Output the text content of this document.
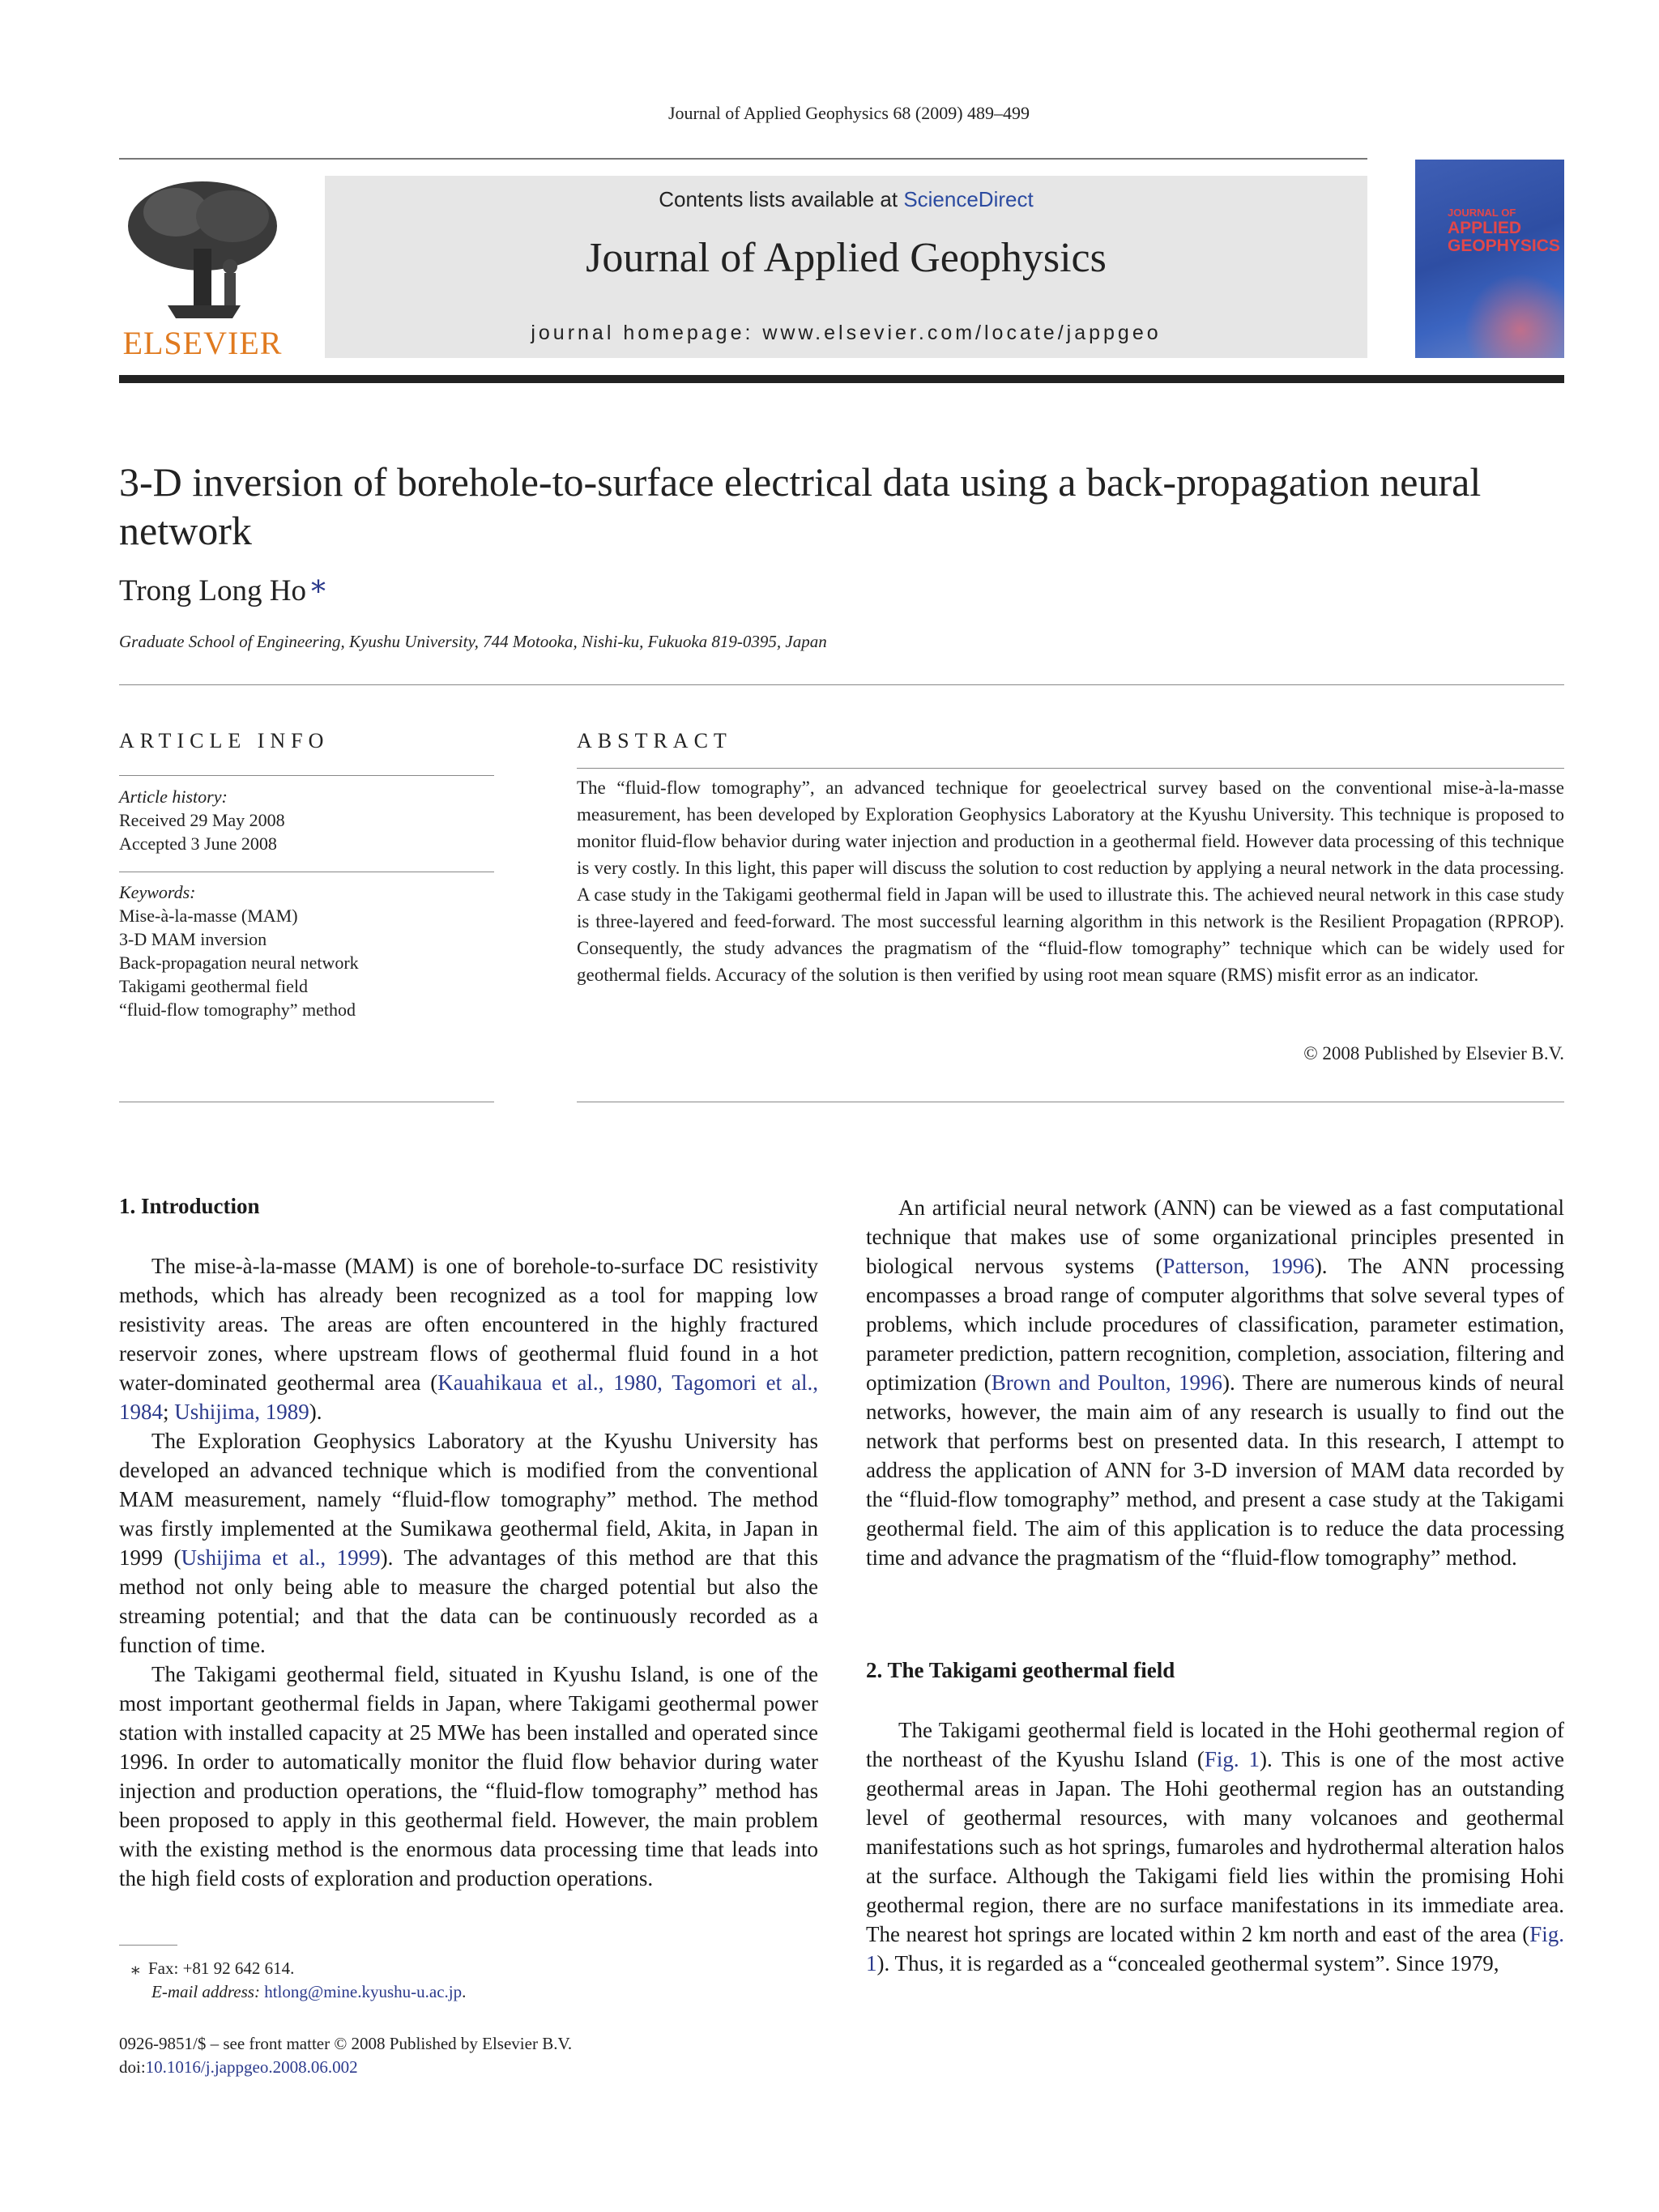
Journal of Applied Geophysics 68 (2009) 489–499
ELSEVIER
Contents lists available at ScienceDirect
Journal of Applied Geophysics
journal homepage: www.elsevier.com/locate/jappgeo
JOURNAL OF
APPLIED
GEOPHYSICS
3-D inversion of borehole-to-surface electrical data using a back-propagation neural network
Trong Long Ho ⁎
Graduate School of Engineering, Kyushu University, 744 Motooka, Nishi-ku, Fukuoka 819-0395, Japan
ARTICLE INFO
Article history:
Received 29 May 2008
Accepted 3 June 2008
Keywords:
Mise-à-la-masse (MAM)
3-D MAM inversion
Back-propagation neural network
Takigami geothermal field
“fluid-flow tomography” method
ABSTRACT
The “fluid-flow tomography”, an advanced technique for geoelectrical survey based on the conventional mise-à-la-masse measurement, has been developed by Exploration Geophysics Laboratory at the Kyushu University. This technique is proposed to monitor fluid-flow behavior during water injection and production in a geothermal field. However data processing of this technique is very costly. In this light, this paper will discuss the solution to cost reduction by applying a neural network in the data processing. A case study in the Takigami geothermal field in Japan will be used to illustrate this. The achieved neural network in this case study is three-layered and feed-forward. The most successful learning algorithm in this network is the Resilient Propagation (RPROP). Consequently, the study advances the pragmatism of the “fluid-flow tomography” technique which can be widely used for geothermal fields. Accuracy of the solution is then verified by using root mean square (RMS) misfit error as an indicator.
© 2008 Published by Elsevier B.V.
1. Introduction

The mise-à-la-masse (MAM) is one of borehole-to-surface DC resistivity methods, which has already been recognized as a tool for mapping low resistivity areas. The areas are often encountered in the highly fractured reservoir zones, where upstream flows of geothermal fluid found in a hot water-dominated geothermal area (Kauahikaua et al., 1980, Tagomori et al., 1984; Ushijima, 1989).

The Exploration Geophysics Laboratory at the Kyushu University has developed an advanced technique which is modified from the conventional MAM measurement, namely “fluid-flow tomography” method. The method was firstly implemented at the Sumikawa geothermal field, Akita, in Japan in 1999 (Ushijima et al., 1999). The advantages of this method are that this method not only being able to measure the charged potential but also the streaming potential; and that the data can be continuously recorded as a function of time.

The Takigami geothermal field, situated in Kyushu Island, is one of the most important geothermal fields in Japan, where Takigami geothermal power station with installed capacity at 25 MWe has been installed and operated since 1996. In order to automatically monitor the fluid flow behavior during water injection and production operations, the “fluid-flow tomography” method has been proposed to apply in this geothermal field. However, the main problem with the existing method is the enormous data processing time that leads into the high field costs of exploration and production operations.

An artificial neural network (ANN) can be viewed as a fast computational technique that makes use of some organizational principles presented in biological nervous systems (Patterson, 1996). The ANN processing encompasses a broad range of computer algorithms that solve several types of problems, which include procedures of classification, parameter estimation, parameter prediction, pattern recognition, completion, association, filtering and optimization (Brown and Poulton, 1996). There are numerous kinds of neural networks, however, the main aim of any research is usually to find out the network that performs best on presented data. In this research, I attempt to address the application of ANN for 3-D inversion of MAM data recorded by the “fluid-flow tomography” method, and present a case study at the Takigami geothermal field. The aim of this application is to reduce the data processing time and advance the pragmatism of the “fluid-flow tomography” method.

2. The Takigami geothermal field

The Takigami geothermal field is located in the Hohi geothermal region of the northeast of the Kyushu Island (Fig. 1). This is one of the most active geothermal areas in Japan. The Hohi geothermal region has an outstanding level of geothermal resources, with many volcanoes and geothermal manifestations such as hot springs, fumaroles and hydrothermal alteration halos at the surface. Although the Takigami field lies within the promising Hohi geothermal region, there are no surface manifestations in its immediate area. The nearest hot springs are located within 2 km north and east of the area (Fig. 1). Thus, it is regarded as a “concealed geothermal system”. Since 1979,

⁎ Fax: +81 92 642 614.
E-mail address: htlong@mine.kyushu-u.ac.jp.
0926-9851/$ – see front matter © 2008 Published by Elsevier B.V.
doi:10.1016/j.jappgeo.2008.06.002
